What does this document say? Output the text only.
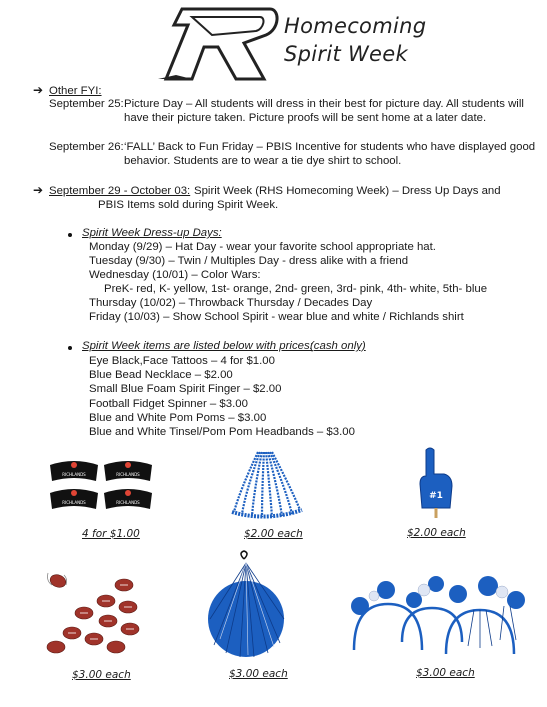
Homecoming
Spirit Week
➔ Other FYI:
September 25: Picture Day – All students will dress in their best for picture day. All students will
have their picture taken. Picture proofs will be sent home at a later date.
September 26: ‘FALL’ Back to Fun Friday – PBIS Incentive for students who have displayed good
behavior. Students are to wear a tie dye shirt to school.
➔ September 29 - October 03: Spirit Week (RHS Homecoming Week) – Dress Up Days and
PBIS Items sold during Spirit Week.
Spirit Week Dress-up Days:
Monday (9/29) – Hat Day - wear your favorite school appropriate hat.
Tuesday (9/30) – Twin / Multiples Day - dress alike with a friend
Wednesday (10/01) – Color Wars:
PreK- red, K- yellow, 1st- orange, 2nd- green, 3rd- pink, 4th- white, 5th- blue
Thursday (10/02) – Throwback Thursday / Decades Day
Friday (10/03) – Show School Spirit - wear blue and white / Richlands shirt
Spirit Week items are listed below with prices:
(cash only)
Eye Black,Face Tattoos – 4 for $1.00
Blue Bead Necklace – $2.00
Small Blue Foam Spirit Finger – $2.00
Football Fidget Spinner – $3.00
Blue and White Pom Poms – $3.00
Blue and White Tinsel/Pom Pom Headbands – $3.00
RICHLANDS	RICHLANDS
RICHLANDS	RICHLANDS
4 for $1.00	$2.00 each
#1
$2.00 each
$3.00 each	$3.00 each	$3.00 each
